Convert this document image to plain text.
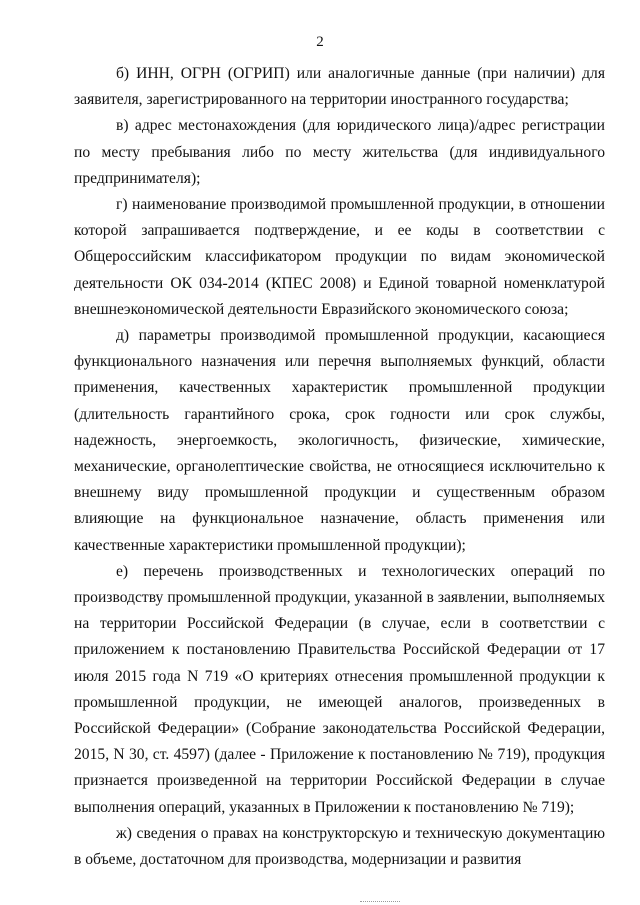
2

б) ИНН, ОГРН (ОГРИП) или аналогичные данные (при наличии) для заявителя, зарегистрированного на территории иностранного государства;

в) адрес местонахождения (для юридического лица)/адрес регистрации по месту пребывания либо по месту жительства (для индивидуального предпринимателя);

г) наименование производимой промышленной продукции, в отношении которой запрашивается подтверждение, и ее коды в соответствии с Общероссийским классификатором продукции по видам экономической деятельности ОК 034-2014 (КПЕС 2008) и Единой товарной номенклатурой внешнеэкономической деятельности Евразийского экономического союза;

д) параметры производимой промышленной продукции, касающиеся функционального назначения или перечня выполняемых функций, области применения, качественных характеристик промышленной продукции (длительность гарантийного срока, срок годности или срок службы, надежность, энергоемкость, экологичность, физические, химические, механические, органолептические свойства, не относящиеся исключительно к внешнему виду промышленной продукции и существенным образом влияющие на функциональное назначение, область применения или качественные характеристики промышленной продукции);

е) перечень производственных и технологических операций по производству промышленной продукции, указанной в заявлении, выполняемых на территории Российской Федерации (в случае, если в соответствии с приложением к постановлению Правительства Российской Федерации от 17 июля 2015 года N 719 «О критериях отнесения промышленной продукции к промышленной продукции, не имеющей аналогов, произведенных в Российской Федерации» (Собрание законодательства Российской Федерации, 2015, N 30, ст. 4597) (далее - Приложение к постановлению № 719), продукция признается произведенной на территории Российской Федерации в случае выполнения операций, указанных в Приложении к постановлению № 719);

ж) сведения о правах на конструкторскую и техническую документацию в объеме, достаточном для производства, модернизации и развития
